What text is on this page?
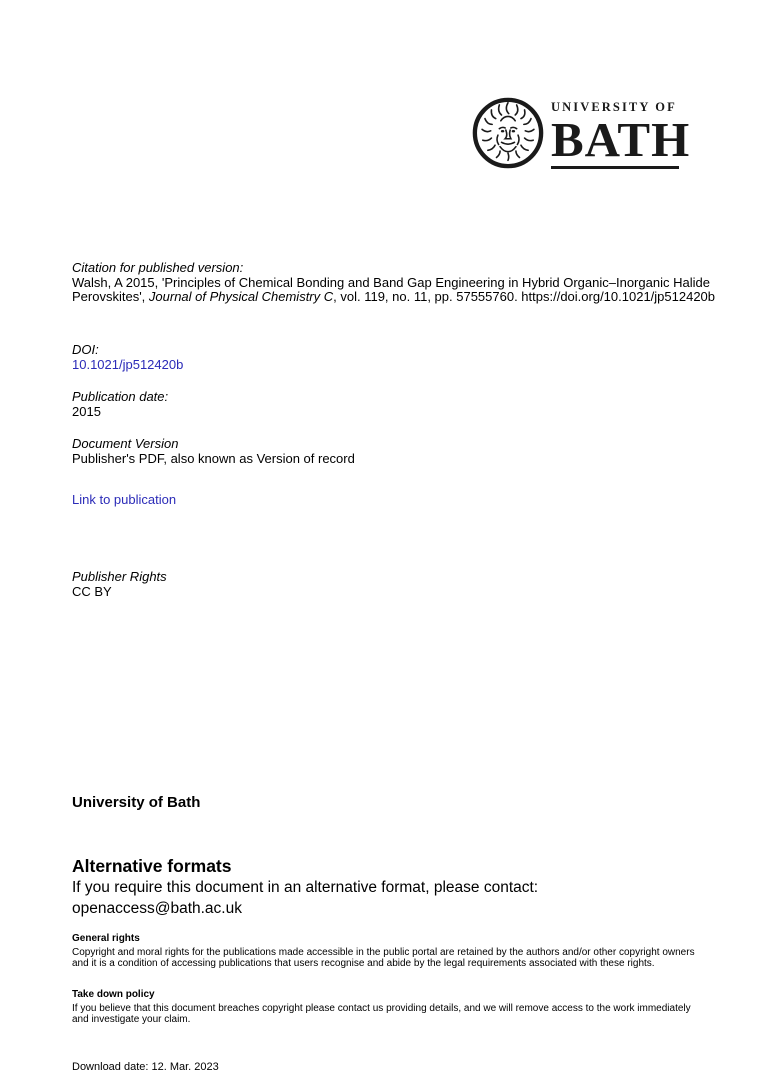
UNIVERSITY OF
BATH
Citation for published version:
Walsh, A 2015, 'Principles of Chemical Bonding and Band Gap Engineering in Hybrid Organic–Inorganic Halide
Perovskites', Journal of Physical Chemistry C, vol. 119, no. 11, pp. 57555760. https://doi.org/10.1021/jp512420b
DOI:
10.1021/jp512420b
Publication date:
2015
Document Version
Publisher's PDF, also known as Version of record
Link to publication
Publisher Rights
CC BY
University of Bath
Alternative formats
If you require this document in an alternative format, please contact:
openaccess@bath.ac.uk
General rights
Copyright and moral rights for the publications made accessible in the public portal are retained by the authors and/or other copyright owners
and it is a condition of accessing publications that users recognise and abide by the legal requirements associated with these rights.
Take down policy
If you believe that this document breaches copyright please contact us providing details, and we will remove access to the work immediately
and investigate your claim.
Download date: 12. Mar. 2023
